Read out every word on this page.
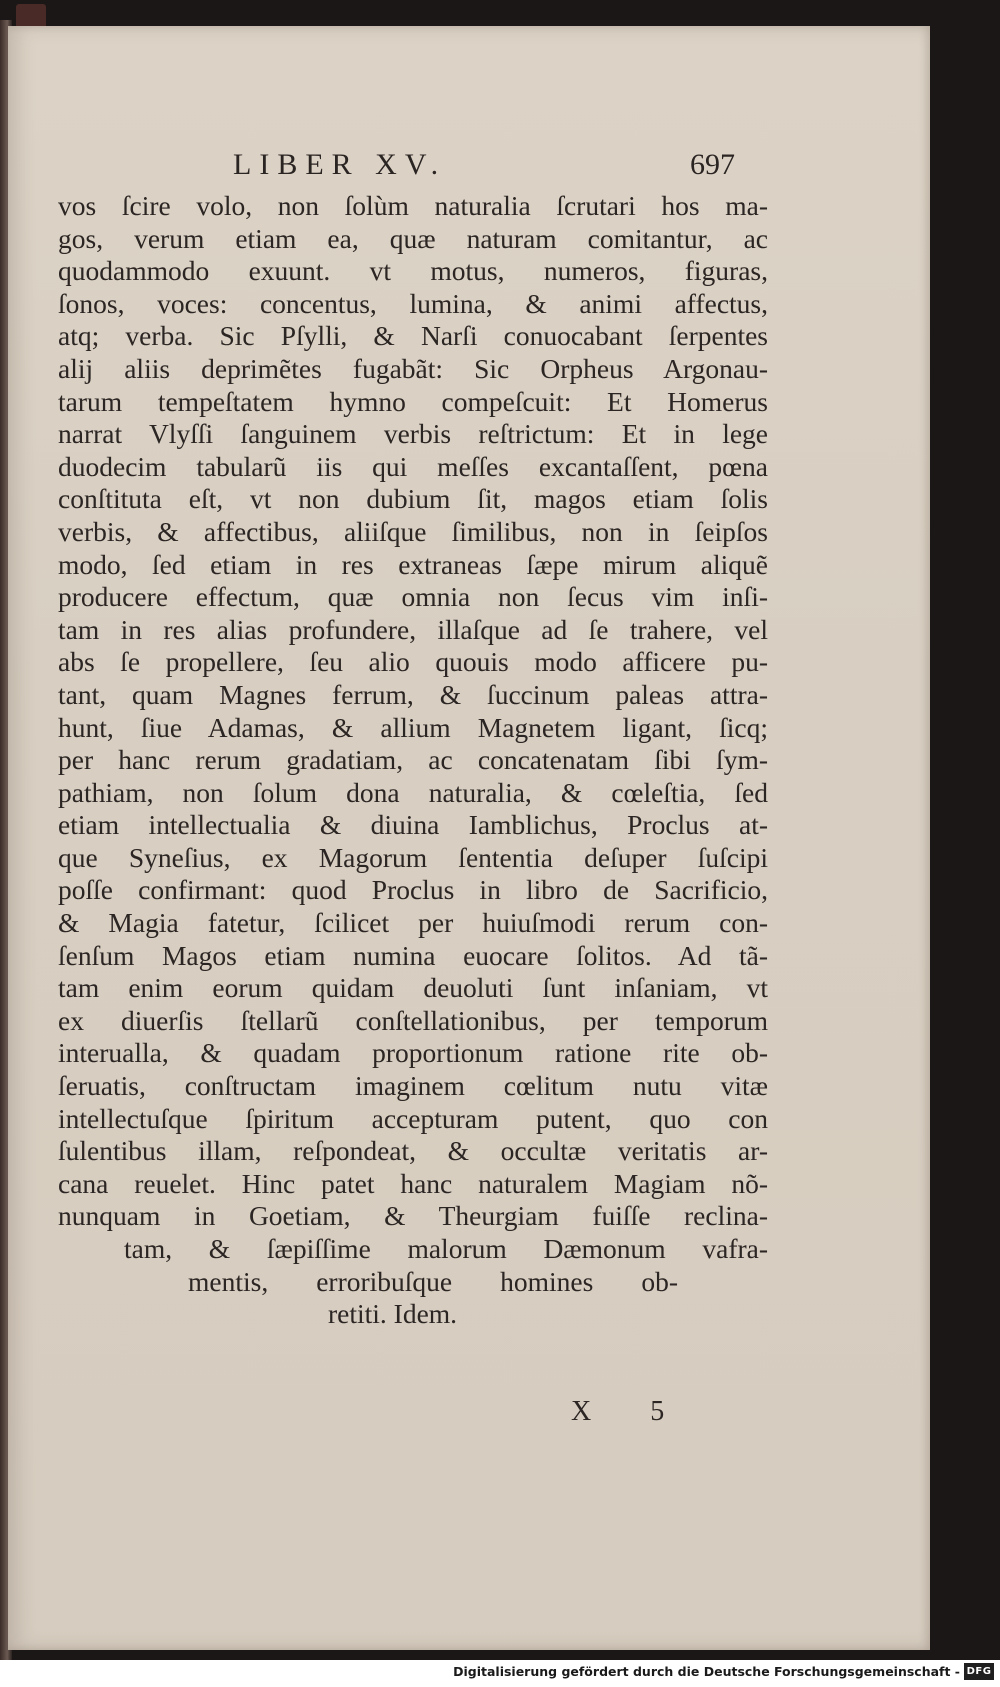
LIBER XV.	697
vos ſcire volo, non ſolùm naturalia ſcrutari hos ma-
gos, verum etiam ea, quæ naturam comitantur, ac
quodammodo exuunt. vt motus, numeros, figuras,
ſonos, voces: concentus, lumina, & animi affectus,
atq; verba. Sic Pſylli, & Narſi conuocabant ſerpentes
alij aliis deprimẽtes fugabãt: Sic Orpheus Argonau-
tarum tempeſtatem hymno compeſcuit: Et Homerus
narrat Vlyſſi ſanguinem verbis reſtrictum: Et in lege
duodecim tabularũ iis qui meſſes excantaſſent, pœna
conſtituta eſt, vt non dubium ſit, magos etiam ſolis
verbis, & affectibus, aliiſque ſimilibus, non in ſeipſos
modo, ſed etiam in res extraneas ſæpe mirum aliquẽ
producere effectum, quæ omnia non ſecus vim inſi-
tam in res alias profundere, illaſque ad ſe trahere, vel
abs ſe propellere, ſeu alio quouis modo afficere pu-
tant, quam Magnes ferrum, & ſuccinum paleas attra-
hunt, ſiue Adamas, & allium Magnetem ligant, ſicq;
per hanc rerum gradatiam, ac concatenatam ſibi ſym-
pathiam, non ſolum dona naturalia, & cœleſtia, ſed
etiam intellectualia & diuina Iamblichus, Proclus at-
que Syneſius, ex Magorum ſententia deſuper ſuſcipi
poſſe confirmant: quod Proclus in libro de Sacrificio,
& Magia fatetur, ſcilicet per huiuſmodi rerum con-
ſenſum Magos etiam numina euocare ſolitos. Ad tã-
tam enim eorum quidam deuoluti ſunt inſaniam, vt
ex diuerſis ſtellarũ conſtellationibus, per temporum
interualla, & quadam proportionum ratione rite ob-
ſeruatis, conſtructam imaginem cœlitum nutu vitæ
intellectuſque ſpiritum accepturam putent, quo con
ſulentibus illam, reſpondeat, & occultæ veritatis ar-
cana reuelet. Hinc patet hanc naturalem Magiam nõ-
nunquam in Goetiam, & Theurgiam fuiſſe reclina-
tam, & ſæpiſſime malorum Dæmonum vafra-
mentis, erroribuſque homines ob-
retiti. Idem.
X 5
Digitalisierung gefördert durch die Deutsche Forschungsgemeinschaft - DFG
